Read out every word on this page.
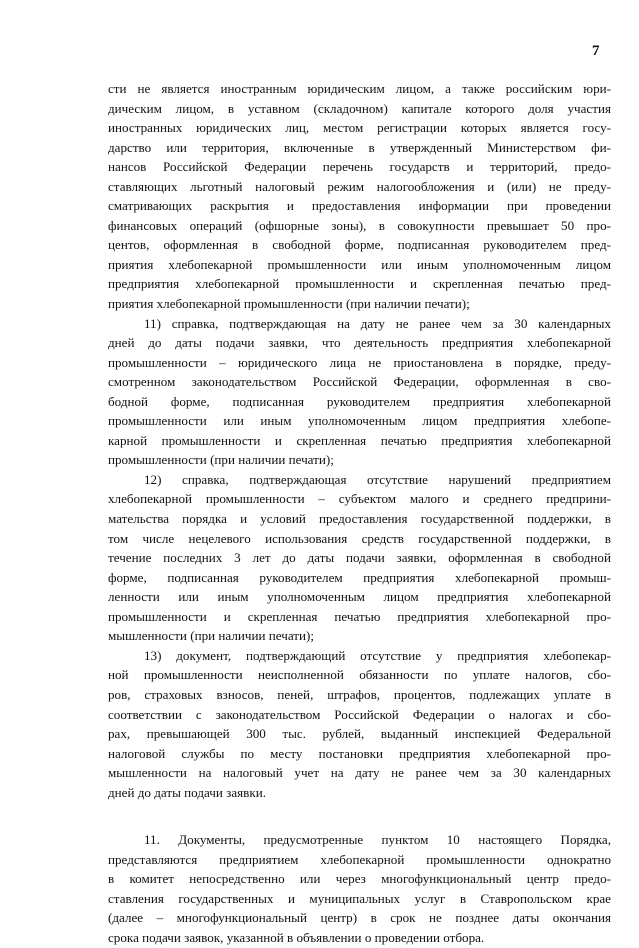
7
сти не является иностранным юридическим лицом, а также российским юри-
дическим лицом, в уставном (складочном) капитале которого доля участия
иностранных юридических лиц, местом регистрации которых является госу-
дарство или территория, включенные в утвержденный Министерством фи-
нансов Российской Федерации перечень государств и территорий, предо-
ставляющих льготный налоговый режим налогообложения и (или) не преду-
сматривающих раскрытия и предоставления информации при проведении
финансовых операций (офшорные зоны), в совокупности превышает 50 про-
центов, оформленная в свободной форме, подписанная руководителем пред-
приятия хлебопекарной промышленности или иным уполномоченным лицом
предприятия хлебопекарной промышленности и скрепленная печатью пред-
приятия хлебопекарной промышленности (при наличии печати);
11) справка, подтверждающая на дату не ранее чем за 30 календарных
дней до даты подачи заявки, что деятельность предприятия хлебопекарной
промышленности – юридического лица не приостановлена в порядке, преду-
смотренном законодательством Российской Федерации, оформленная в сво-
бодной форме, подписанная руководителем предприятия хлебопекарной
промышленности или иным уполномоченным лицом предприятия хлебопе-
карной промышленности и скрепленная печатью предприятия хлебопекарной
промышленности (при наличии печати);
12) справка, подтверждающая отсутствие нарушений предприятием
хлебопекарной промышленности – субъектом малого и среднего предприни-
мательства порядка и условий предоставления государственной поддержки, в
том числе нецелевого использования средств государственной поддержки, в
течение последних 3 лет до даты подачи заявки, оформленная в свободной
форме, подписанная руководителем предприятия хлебопекарной промыш-
ленности или иным уполномоченным лицом предприятия хлебопекарной
промышленности и скрепленная печатью предприятия хлебопекарной про-
мышленности (при наличии печати);
13) документ, подтверждающий отсутствие у предприятия хлебопекар-
ной промышленности неисполненной обязанности по уплате налогов, сбо-
ров, страховых взносов, пеней, штрафов, процентов, подлежащих уплате в
соответствии с законодательством Российской Федерации о налогах и сбо-
рах, превышающей 300 тыс. рублей, выданный инспекцией Федеральной
налоговой службы по месту постановки предприятия хлебопекарной про-
мышленности на налоговый учет на дату не ранее чем за 30 календарных
дней до даты подачи заявки.
11. Документы, предусмотренные пунктом 10 настоящего Порядка,
представляются предприятием хлебопекарной промышленности однократно
в комитет непосредственно или через многофункциональный центр предо-
ставления государственных и муниципальных услуг в Ставропольском крае
(далее – многофункциональный центр) в срок не позднее даты окончания
срока подачи заявок, указанной в объявлении о проведении отбора.
